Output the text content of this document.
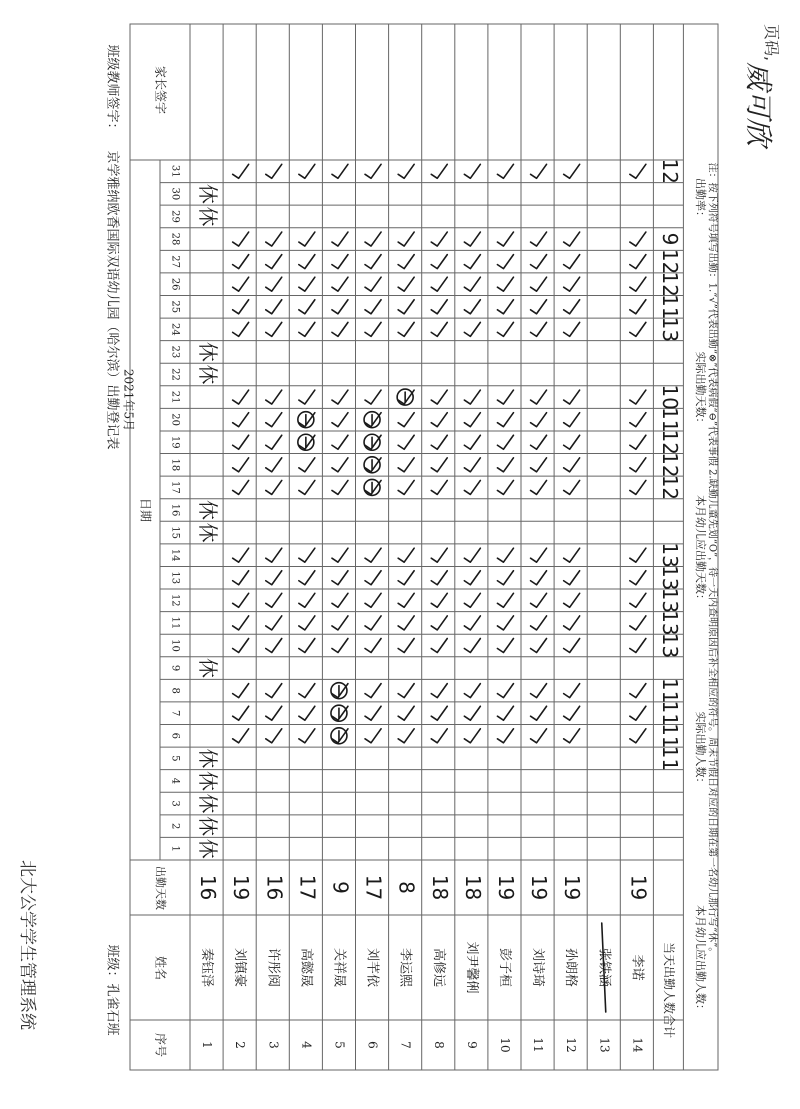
北大公学学生管理系统
页码,
威可欣
京学雅纳欧香国际双语幼儿园（哈尔滨）出勤登记表 2021年5月
班级：孔雀石班
班级教师签字：	家长签字
序号
姓名
出勤天数
日期
1
2
3
4
5
6
7
8
9
10
11
12
13
14
15
16
17
18
19
20
21
22
23
24
25
26
27
28
29
30
31
1
秦钰泽
16
2
刘镇豪
19
3
许彤阅
16
4
高懿晟
17
5
关祥晟
9
6
刘芊依
17
7
李运熙
8
8
高修远
18
9
刘尹馨俐
18
10
彭子桓
19
11
刘诗琦
19
12
孙朗格
19
13
张铁涵
14
李诺
19
当天出勤人数合计
11
11
11
11
13
13
13
13
13
12
12
12
11
10
13
11
12
12
9
12
本月幼儿应出勤人数：
实际出勤人数：
本月幼儿应出勤天数：
实际出勤天数：
出勤率： 注：按下列符号填写出勤：1.“√”代表出勤“⊗”代表病假“⊖”代表事假 2.缺勤儿童先划“O”，待一天内查明原因后补全相应的符号。周末节假日对应的日期在第一名幼儿那行写“休”。
休
休
休
休
休
休
休
休
休
休
休
休
